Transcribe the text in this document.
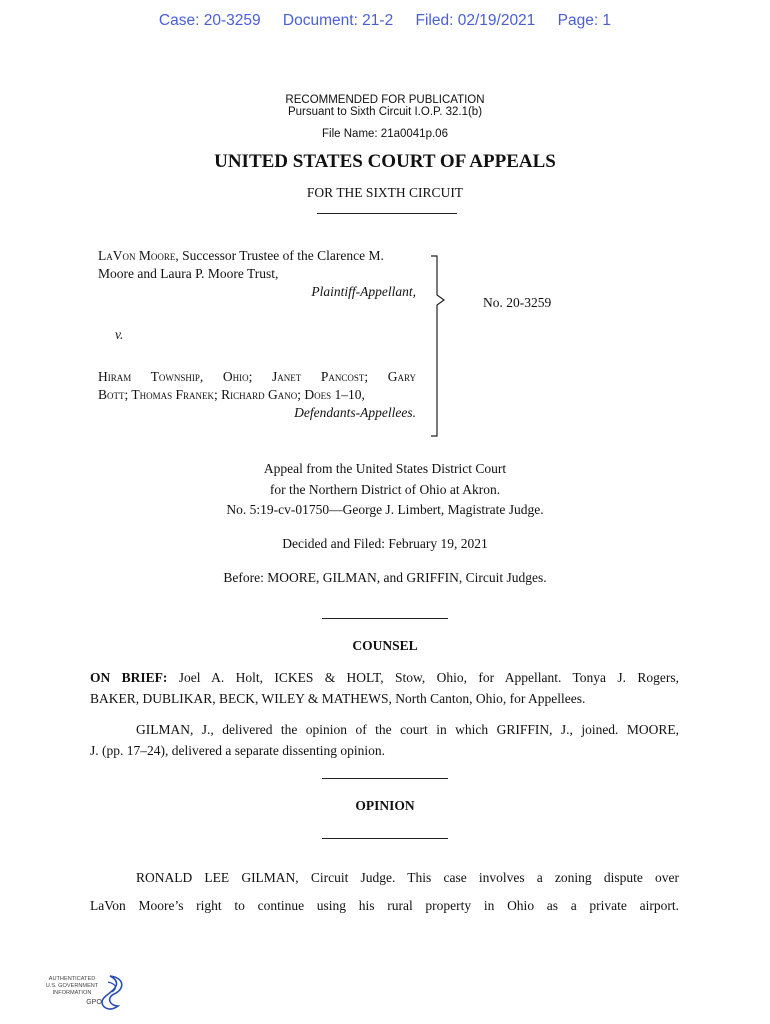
Case: 20-3259 Document: 21-2 Filed: 02/19/2021 Page: 1
RECOMMENDED FOR PUBLICATION
Pursuant to Sixth Circuit I.O.P. 32.1(b)
File Name: 21a0041p.06
UNITED STATES COURT OF APPEALS
FOR THE SIXTH CIRCUIT
LaVon Moore, Successor Trustee of the Clarence M.
Moore and Laura P. Moore Trust,
Plaintiff-Appellant,
v.
Hiram Township, Ohio; Janet Pancost; Gary
Bott; Thomas Franek; Richard Gano; Does 1–10,
Defendants-Appellees.
No. 20-3259
Appeal from the United States District Court
for the Northern District of Ohio at Akron.
No. 5:19-cv-01750—George J. Limbert, Magistrate Judge.
Decided and Filed: February 19, 2021
Before: MOORE, GILMAN, and GRIFFIN, Circuit Judges.
COUNSEL
ON BRIEF: Joel A. Holt, ICKES & HOLT, Stow, Ohio, for Appellant. Tonya J. Rogers,
BAKER, DUBLIKAR, BECK, WILEY & MATHEWS, North Canton, Ohio, for Appellees.
GILMAN, J., delivered the opinion of the court in which GRIFFIN, J., joined. MOORE,
J. (pp. 17–24), delivered a separate dissenting opinion.
OPINION
RONALD LEE GILMAN, Circuit Judge. This case involves a zoning dispute over
LaVon Moore’s right to continue using his rural property in Ohio as a private airport.
AUTHENTICATED
U.S. GOVERNMENT
INFORMATION
GPO
